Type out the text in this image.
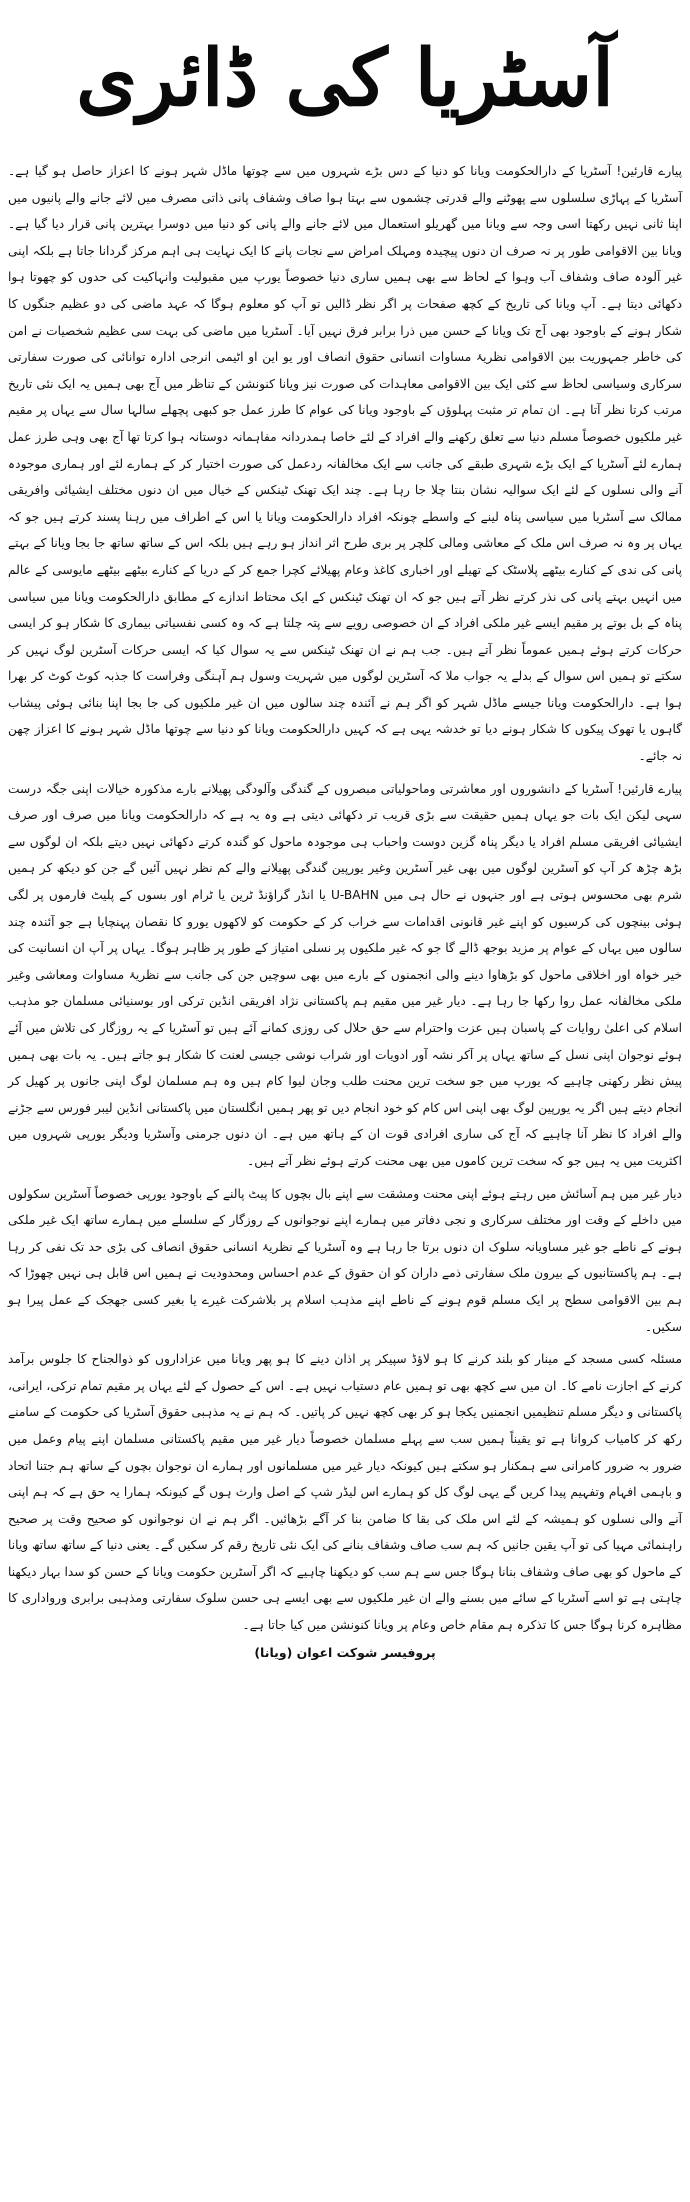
آسٹریا کی ڈائری

پیارے قارئین! آسٹریا کے دارالحکومت ویانا کو دنیا کے دس بڑے شہروں میں سے چوتھا ماڈل شہر ہونے کا اعزاز حاصل ہو گیا ہے۔ آسٹریا کے پہاڑی سلسلوں سے پھوٹنے والے قدرتی چشموں سے بہتا ہوا صاف وشفاف پانی ذاتی مصرف میں لائے جانے والے پانیوں میں اپنا ثانی نہیں رکھتا اسی وجہ سے ویانا میں گھریلو استعمال میں لائے جانے والے پانی کو دنیا میں دوسرا بہترین پانی قرار دیا گیا ہے۔ ویانا بین الاقوامی طور پر نہ صرف ان دنوں پیچیدہ ومہلک امراض سے نجات پانے کا ایک نہایت ہی اہم مرکز گردانا جاتا ہے بلکہ اپنی غیر آلودہ صاف وشفاف آب وہوا کے لحاظ سے بھی ہمیں ساری دنیا خصوصاً یورپ میں مقبولیت وانہاکیت کی حدوں کو چھوتا ہوا دکھائی دیتا ہے۔ آپ ویانا کی تاریخ کے کچھ صفحات پر اگر نظر ڈالیں تو آپ کو معلوم ہوگا کہ عہد ماضی کی دو عظیم جنگوں کا شکار ہونے کے باوجود بھی آج تک ویانا کے حسن میں ذرا برابر فرق نہیں آیا۔ آسٹریا میں ماضی کی بہت سی عظیم شخصیات نے امن کی خاطر جمہوریت بین الاقوامی نظریۂ مساوات انسانی حقوق انصاف اور یو این او اٹیمی انرجی ادارہ توانائی کی صورت سفارتی سرکاری وسیاسی لحاظ سے کئی ایک بین الاقوامی معاہدات کی صورت نیز ویانا کنونشن کے تناظر میں آج بھی ہمیں یہ ایک نئی تاریخ مرتب کرتا نظر آتا ہے۔ ان تمام تر مثبت پہلوؤں کے باوجود ویانا کی عوام کا طرز عمل جو کبھی پچھلے سالہا سال سے یہاں پر مقیم غیر ملکیوں خصوصاً مسلم دنیا سے تعلق رکھنے والے افراد کے لئے خاصا ہمدردانہ مفاہمانہ دوستانہ ہوا کرتا تھا آج بھی وہی طرز عمل ہمارے لئے آسٹریا کے ایک بڑے شہری طبقے کی جانب سے ایک مخالفانہ ردعمل کی صورت اختیار کر کے ہمارے لئے اور ہماری موجودہ آنے والی نسلوں کے لئے ایک سوالیہ نشان بنتا چلا جا رہا ہے۔ چند ایک تھنک ٹینکس کے خیال میں ان دنوں مختلف ایشیائی وافریقی ممالک سے آسٹریا میں سیاسی پناہ لینے کے واسطے چونکہ افراد دارالحکومت ویانا یا اس کے اطراف میں رہنا پسند کرتے ہیں جو کہ یہاں پر وہ نہ صرف اس ملک کے معاشی ومالی کلچر پر بری طرح اثر انداز ہو رہے ہیں بلکہ اس کے ساتھ ساتھ جا بجا ویانا کے بہتے پانی کی ندی کے کنارے بیٹھے پلاسٹک کے تھیلے اور اخباری کاغذ وعام پھیلائے کچرا جمع کر کے دریا کے کنارے بیٹھے بیٹھے مایوسی کے عالم میں انہیں بہتے پانی کی نذر کرتے نظر آتے ہیں جو کہ ان تھنک ٹینکس کے ایک محتاط اندازے کے مطابق دارالحکومت ویانا میں سیاسی پناہ کے بل بوتے پر مقیم ایسے غیر ملکی افراد کے ان خصوصی رویے سے پتہ چلتا ہے کہ وہ کسی نفسیاتی بیماری کا شکار ہو کر ایسی حرکات کرتے ہوئے ہمیں عموماً نظر آتے ہیں۔ جب ہم نے ان تھنک ٹینکس سے یہ سوال کیا کہ ایسی حرکات آسٹرین لوگ نہیں کر سکتے تو ہمیں اس سوال کے بدلے یہ جواب ملا کہ آسٹرین لوگوں میں شہریت وسول ہم آہنگی وفراست کا جذبہ کوٹ کوٹ کر بھرا ہوا ہے۔ دارالحکومت ویانا جیسے ماڈل شہر کو اگر ہم نے آئندہ چند سالوں میں ان غیر ملکیوں کی جا بجا اپنا بنائی ہوئی پیشاب گاہوں یا تھوک پیکوں کا شکار ہونے دیا تو خدشہ یہی ہے کہ کہیں دارالحکومت ویانا کو دنیا سے چوتھا ماڈل شہر ہونے کا اعزاز چھن نہ جائے۔

پیارے قارئین! آسٹریا کے دانشوروں اور معاشرتی وماحولیاتی مبصروں کے گندگی وآلودگی پھیلانے بارے مذکورہ خیالات اپنی جگہ درست سہی لیکن ایک بات جو یہاں ہمیں حقیقت سے بڑی قریب تر دکھائی دیتی ہے وہ یہ ہے کہ دارالحکومت ویانا میں صرف اور صرف ایشیائی افریقی مسلم افراد یا دیگر پناہ گزین دوست واحباب ہی موجودہ ماحول کو گندہ کرتے دکھائی نہیں دیتے بلکہ ان لوگوں سے بڑھ چڑھ کر آپ کو آسٹرین لوگوں میں بھی غیر آسٹرین وغیر یورپین گندگی پھیلانے والے کم نظر نہیں آئیں گے جن کو دیکھ کر ہمیں شرم بھی محسوس ہوتی ہے اور جنہوں نے حال ہی میں U-BAHN یا انڈر گراؤنڈ ٹرین یا ٹرام اور بسوں کے پلیٹ فارموں پر لگی ہوئی بینچوں کی کرسیوں کو اپنے غیر قانونی اقدامات سے خراب کر کے حکومت کو لاکھوں یورو کا نقصان پہنچایا ہے جو آئندہ چند سالوں میں یہاں کے عوام پر مزید بوجھ ڈالے گا جو کہ غیر ملکیوں پر نسلی امتیاز کے طور پر ظاہر ہوگا۔ یہاں پر آپ ان انسانیت کی خیر خواہ اور اخلاقی ماحول کو بڑھاوا دینے والی انجمنوں کے بارے میں بھی سوچیں جن کی جانب سے نظریۂ مساوات ومعاشی وغیر ملکی مخالفانہ عمل روا رکھا جا رہا ہے۔ دیار غیر میں مقیم ہم پاکستانی نژاد افریقی انڈین ترکی اور بوسنیائی مسلمان جو مذہب اسلام کی اعلیٰ روایات کے پاسبان ہیں عزت واحترام سے حق حلال کی روزی کمانے آئے ہیں تو آسٹریا کے یہ روزگار کی تلاش میں آئے ہوئے نوجوان اپنی نسل کے ساتھ یہاں پر آکر نشہ آور ادویات اور شراب نوشی جیسی لعنت کا شکار ہو جاتے ہیں۔ یہ بات بھی ہمیں پیش نظر رکھنی چاہیے کہ یورپ میں جو سخت ترین محنت طلب وجان لیوا کام ہیں وہ ہم مسلمان لوگ اپنی جانوں پر کھیل کر انجام دیتے ہیں اگر یہ یورپین لوگ بھی اپنی اس کام کو خود انجام دیں تو پھر ہمیں انگلستان میں پاکستانی انڈین لیبر فورس سے جڑنے والے افراد کا نظر آنا چاہیے کہ آج کی ساری افرادی قوت ان کے ہاتھ میں ہے۔ ان دنوں جرمنی وآسٹریا ودیگر یورپی شہروں میں اکثریت میں یہ ہیں جو کہ سخت ترین کاموں میں بھی محنت کرتے ہوئے نظر آتے ہیں۔

دیار غیر میں ہم آسائش میں رہتے ہوئے اپنی محنت ومشقت سے اپنے بال بچوں کا پیٹ پالنے کے باوجود یورپی خصوصاً آسٹرین سکولوں میں داخلے کے وقت اور مختلف سرکاری و نجی دفاتر میں ہمارے اپنے نوجوانوں کے روزگار کے سلسلے میں ہمارے ساتھ ایک غیر ملکی ہونے کے ناطے جو غیر مساویانہ سلوک ان دنوں برتا جا رہا ہے وہ آسٹریا کے نظریۂ انسانی حقوق انصاف کی بڑی حد تک نفی کر رہا ہے۔ ہم پاکستانیوں کے بیرون ملک سفارتی ذمے داران کو ان حقوق کے عدم احساس ومحدودیت نے ہمیں اس قابل ہی نہیں چھوڑا کہ ہم بین الاقوامی سطح پر ایک مسلم قوم ہونے کے ناطے اپنے مذہب اسلام پر بلاشرکت غیرے یا بغیر کسی جھجک کے عمل پیرا ہو سکیں۔

مسئلہ کسی مسجد کے مینار کو بلند کرنے کا ہو لاؤڈ سپیکر پر اذان دینے کا ہو پھر ویانا میں عزاداروں کو ذوالجناح کا جلوس برآمد کرنے کے اجازت نامے کا۔ ان میں سے کچھ بھی تو ہمیں عام دستیاب نہیں ہے۔ اس کے حصول کے لئے یہاں پر مقیم تمام ترکی، ایرانی، پاکستانی و دیگر مسلم تنظیمیں انجمنیں یکجا ہو کر بھی کچھ نہیں کر پاتیں۔ کہ ہم نے یہ مذہبی حقوق آسٹریا کی حکومت کے سامنے رکھ کر کامیاب کروانا ہے تو یقیناً ہمیں سب سے پہلے مسلمان خصوصاً دیار غیر میں مقیم پاکستانی مسلمان اپنے پیام وعمل میں ضرور بہ ضرور کامرانی سے ہمکنار ہو سکتے ہیں کیونکہ دیار غیر میں مسلمانوں اور ہمارے ان نوجوان بچوں کے ساتھ ہم جتنا اتحاد و باہمی افہام وتفہیم پیدا کریں گے یہی لوگ کل کو ہمارے اس لیڈر شپ کے اصل وارث ہوں گے کیونکہ ہمارا یہ حق ہے کہ ہم اپنی آنے والی نسلوں کو ہمیشہ کے لئے اس ملک کی بقا کا ضامن بنا کر آگے بڑھائیں۔ اگر ہم نے ان نوجوانوں کو صحیح وقت پر صحیح راہنمائی مہیا کی تو آپ یقین جانیں کہ ہم سب صاف وشفاف بنانے کی ایک نئی تاریخ رقم کر سکیں گے۔ یعنی دنیا کے ساتھ ساتھ ویانا کے ماحول کو بھی صاف وشفاف بنانا ہوگا جس سے ہم سب کو دیکھنا چاہیے کہ اگر آسٹرین حکومت ویانا کے حسن کو سدا بہار دیکھنا چاہتی ہے تو اسے آسٹریا کے سائے میں بسنے والے ان غیر ملکیوں سے بھی ایسے ہی حسن سلوک سفارتی ومذہبی برابری ورواداری کا مظاہرہ کرنا ہوگا جس کا تذکرہ ہم مقام خاص وعام پر ویانا کنونشن میں کیا جاتا ہے۔

پروفیسر شوکت اعوان (ویانا)
